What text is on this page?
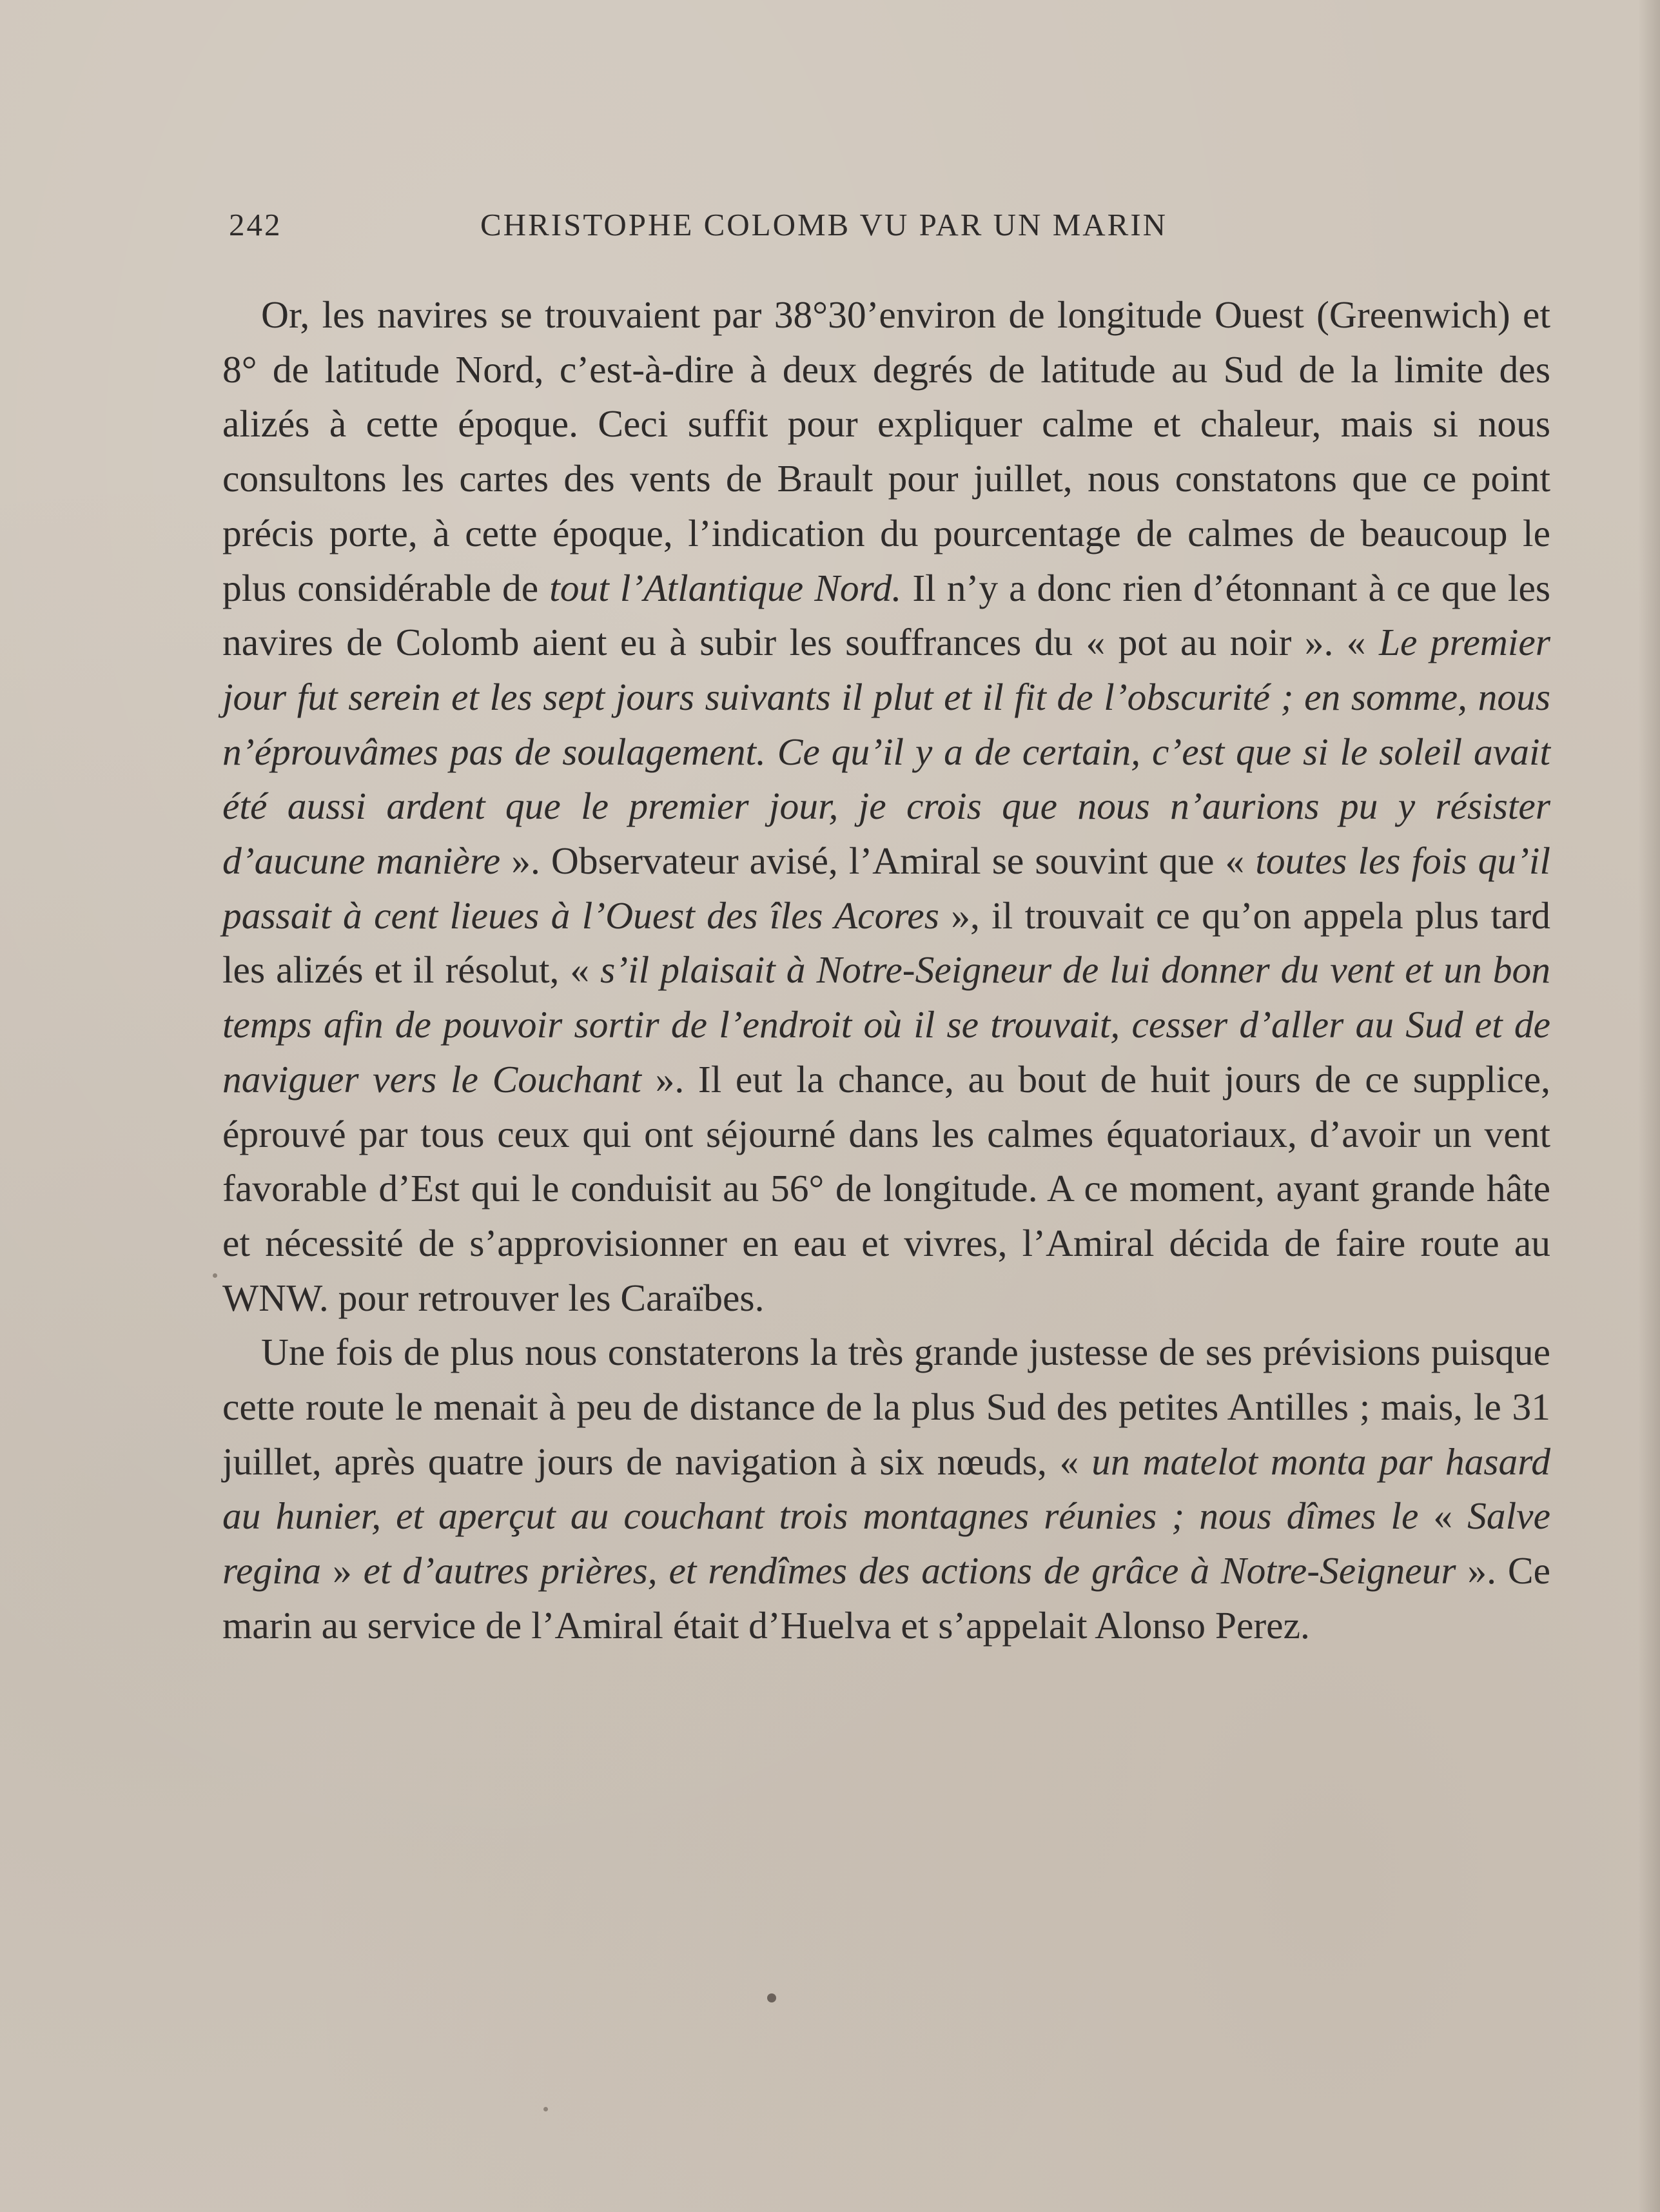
242	CHRISTOPHE COLOMB VU PAR UN MARIN

Or, les navires se trouvaient par 38°30’environ de longitude Ouest (Greenwich) et 8° de latitude Nord, c’est-à-dire à deux degrés de latitude au Sud de la limite des alizés à cette époque. Ceci suffit pour expliquer calme et chaleur, mais si nous consultons les cartes des vents de Brault pour juillet, nous constatons que ce point précis porte, à cette époque, l’indication du pourcentage de calmes de beaucoup le plus considérable de tout l’Atlantique Nord. Il n’y a donc rien d’étonnant à ce que les navires de Colomb aient eu à subir les souffrances du « pot au noir ». « Le premier jour fut serein et les sept jours suivants il plut et il fit de l’obscurité ; en somme, nous n’éprouvâmes pas de soulagement. Ce qu’il y a de certain, c’est que si le soleil avait été aussi ardent que le premier jour, je crois que nous n’aurions pu y résister d’aucune manière ». Observateur avisé, l’Amiral se souvint que « toutes les fois qu’il passait à cent lieues à l’Ouest des îles Acores », il trouvait ce qu’on appela plus tard les alizés et il résolut, « s’il plaisait à Notre-Seigneur de lui donner du vent et un bon temps afin de pouvoir sortir de l’endroit où il se trouvait, cesser d’aller au Sud et de naviguer vers le Couchant ». Il eut la chance, au bout de huit jours de ce supplice, éprouvé par tous ceux qui ont séjourné dans les calmes équatoriaux, d’avoir un vent favorable d’Est qui le conduisit au 56° de longitude. A ce moment, ayant grande hâte et nécessité de s’approvisionner en eau et vivres, l’Amiral décida de faire route au WNW. pour retrouver les Caraïbes.

Une fois de plus nous constaterons la très grande justesse de ses prévisions puisque cette route le menait à peu de distance de la plus Sud des petites Antilles ; mais, le 31 juillet, après quatre jours de navigation à six nœuds, « un matelot monta par hasard au hunier, et aperçut au couchant trois montagnes réunies ; nous dîmes le « Salve regina » et d’autres prières, et rendîmes des actions de grâce à Notre-Seigneur ». Ce marin au service de l’Amiral était d’Huelva et s’appelait Alonso Perez.
